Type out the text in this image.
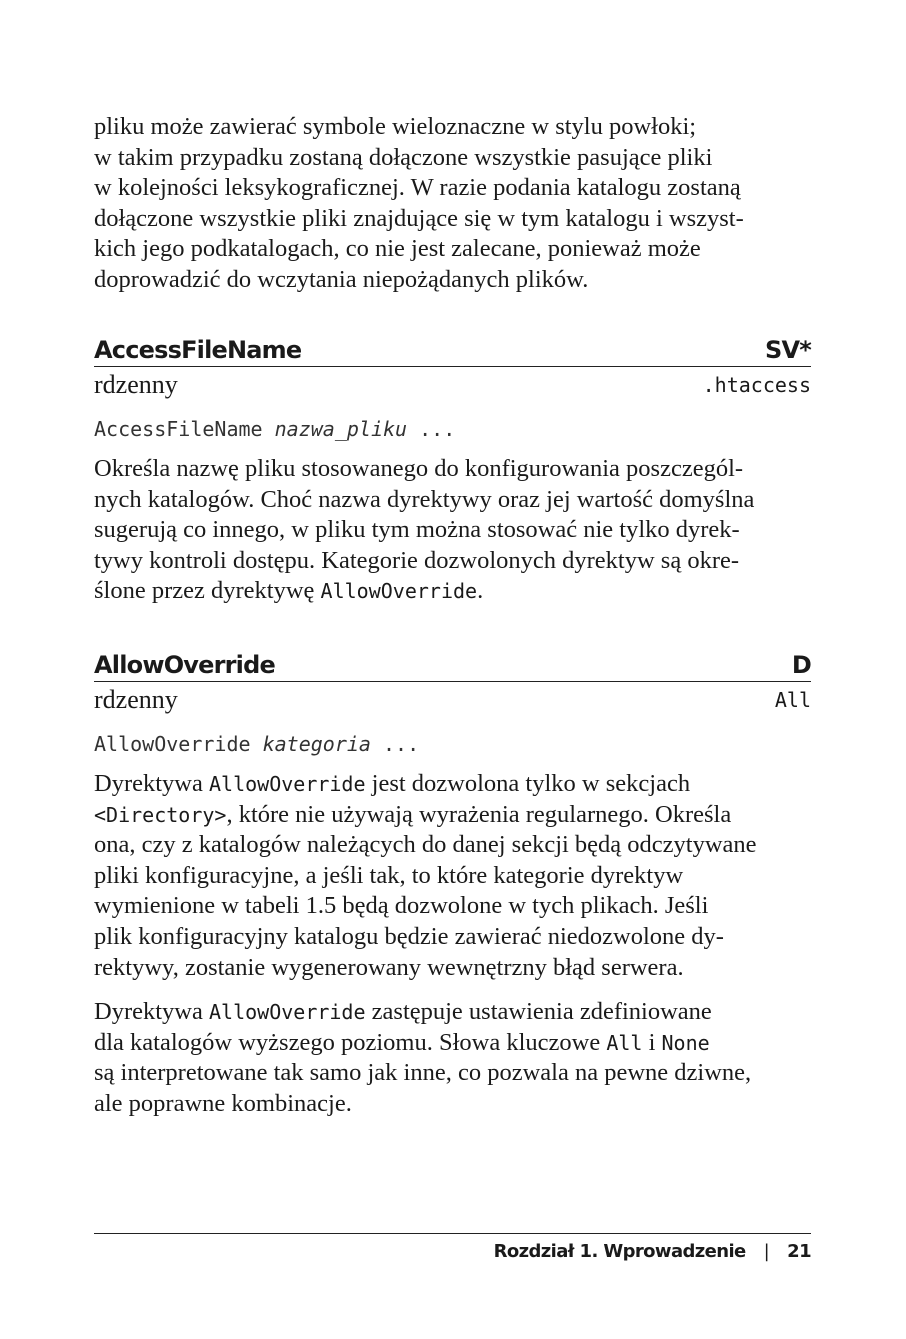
pliku może zawierać symbole wieloznaczne w stylu powłoki;

w takim przypadku zostaną dołączone wszystkie pasujące pliki

w kolejności leksykograficznej. W razie podania katalogu zostaną

dołączone wszystkie pliki znajdujące się w tym katalogu i wszyst-

kich jego podkatalogach, co nie jest zalecane, ponieważ może

doprowadzić do wczytania niepożądanych plików.

AccessFileName	SV*
rdzenny	.htaccess
AccessFileName nazwa_pliku ...

Określa nazwę pliku stosowanego do konfigurowania poszczegól-

nych katalogów. Choć nazwa dyrektywy oraz jej wartość domyślna

sugerują co innego, w pliku tym można stosować nie tylko dyrek-

tywy kontroli dostępu. Kategorie dozwolonych dyrektyw są okre-

ślone przez dyrektywę AllowOverride.

AllowOverride	D
rdzenny	All
AllowOverride kategoria ...

Dyrektywa AllowOverride jest dozwolona tylko w sekcjach

<Directory>, które nie używają wyrażenia regularnego. Określa

ona, czy z katalogów należących do danej sekcji będą odczytywane

pliki konfiguracyjne, a jeśli tak, to które kategorie dyrektyw

wymienione w tabeli 1.5 będą dozwolone w tych plikach. Jeśli

plik konfiguracyjny katalogu będzie zawierać niedozwolone dy-

rektywy, zostanie wygenerowany wewnętrzny błąd serwera.

Dyrektywa AllowOverride zastępuje ustawienia zdefiniowane

dla katalogów wyższego poziomu. Słowa kluczowe All i None

są interpretowane tak samo jak inne, co pozwala na pewne dziwne,

ale poprawne kombinacje.

Rozdział 1. Wprowadzenie | 21
